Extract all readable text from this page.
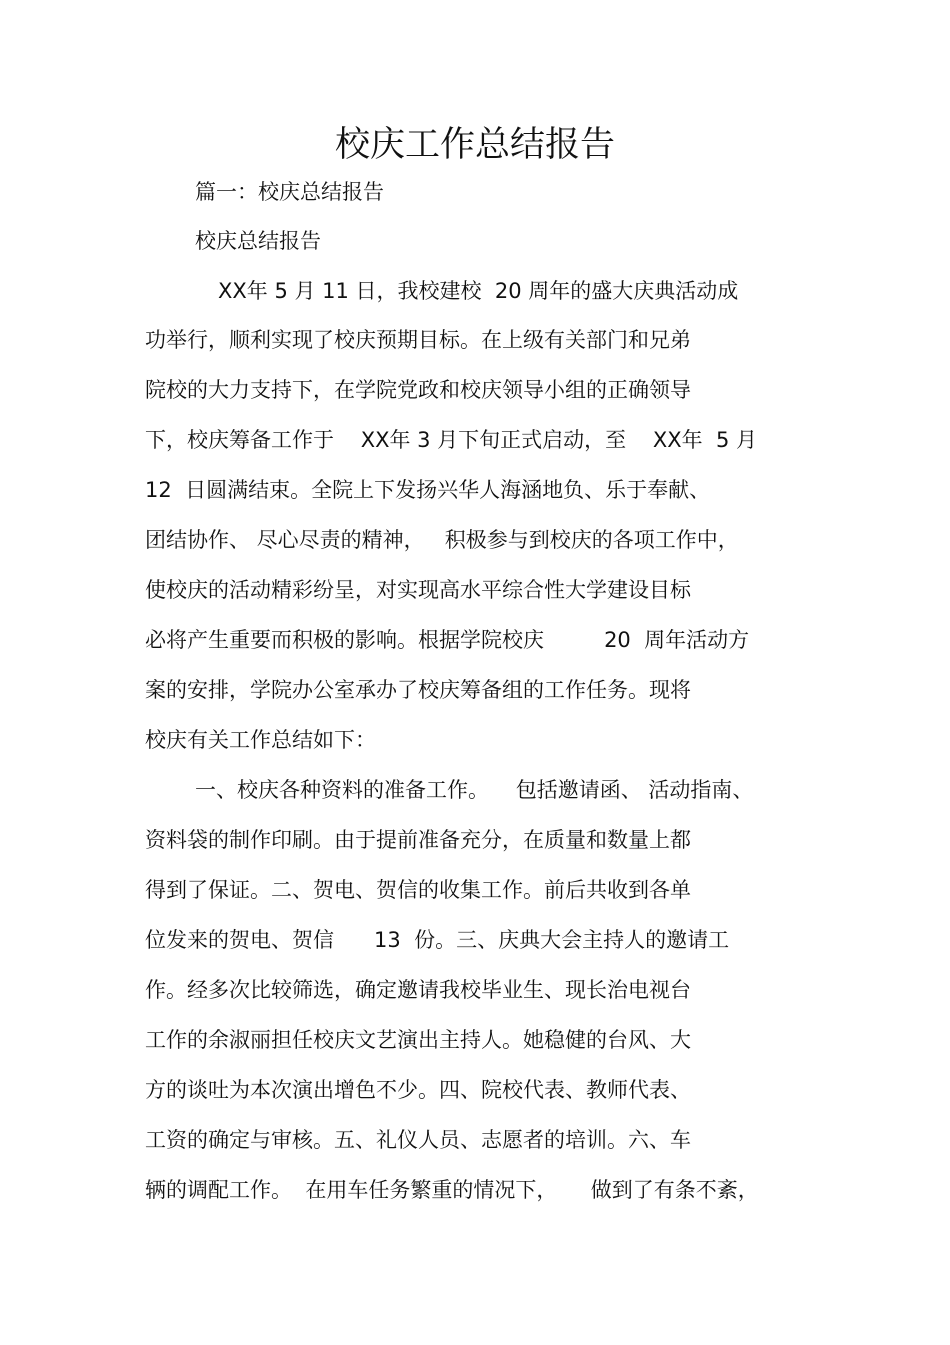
校庆工作总结报告
篇一：校庆总结报告
校庆总结报告
XX年 5 月 11 日，我校建校  20 周年的盛大庆典活动成
功举行，顺利实现了校庆预期目标。在上级有关部门和兄弟
院校的大力支持下，在学院党政和校庆领导小组的正确领导
下，校庆筹备工作于    XX年 3 月下旬正式启动，至    XX年  5 月
12  日圆满结束。全院上下发扬兴华人海涵地负、乐于奉献、
团结协作、 尽心尽责的精神，   积极参与到校庆的各项工作中，
使校庆的活动精彩纷呈，对实现高水平综合性大学建设目标
必将产生重要而积极的影响。根据学院校庆         20  周年活动方
案的安排，学院办公室承办了校庆筹备组的工作任务。现将
校庆有关工作总结如下：
一、校庆各种资料的准备工作。    包括邀请函、 活动指南、
资料袋的制作印刷。由于提前准备充分，在质量和数量上都
得到了保证。二、贺电、贺信的收集工作。前后共收到各单
位发来的贺电、贺信      13  份。三、庆典大会主持人的邀请工
作。经多次比较筛选，确定邀请我校毕业生、现长治电视台
工作的余淑丽担任校庆文艺演出主持人。她稳健的台风、大
方的谈吐为本次演出增色不少。四、院校代表、教师代表、
工资的确定与审核。五、礼仪人员、志愿者的培训。六、车
辆的调配工作。  在用车任务繁重的情况下，     做到了有条不紊，
